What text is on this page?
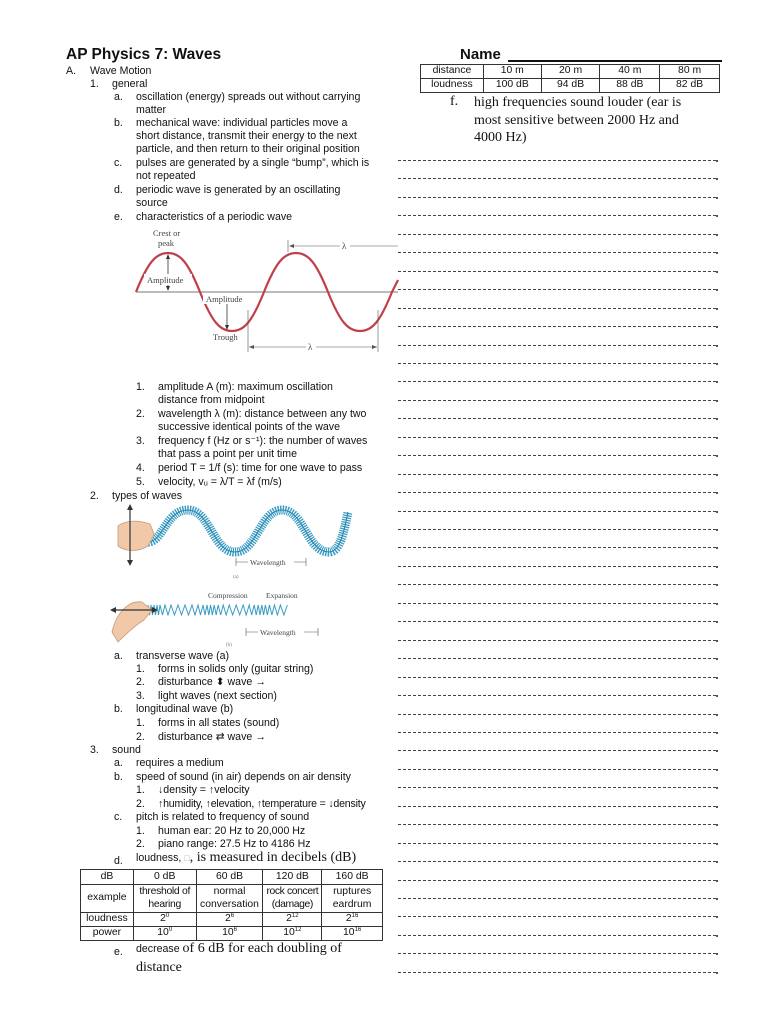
AP Physics 7: Waves	Name
A. Wave Motion
1. general
a. oscillation (energy) spreads out without carrying
matter
b. mechanical wave: individual particles move a
short distance, transmit their energy to the next
particle, and then return to their original position
c. pulses are generated by a single “bump”, which is
not repeated
d. periodic wave is generated by an oscillating
source
e. characteristics of a periodic wave
Crest or
peak
Amplitude
Amplitude
Trough
λ
λ
1. amplitude A (m): maximum oscillation
distance from midpoint
2. wavelength λ (m): distance between any two
successive identical points of the wave
3. frequency f (Hz or s⁻¹): the number of waves
that pass a point per unit time
4. period T = 1/f (s): time for one wave to pass
5. velocity, vᵤ = λ/T = λf (m/s)
2. types of waves
Wavelength
(a)
Compression Expansion
Wavelength
(b)
a. transverse wave (a)
1. forms in solids only (guitar string)
2. disturbance ⬍ wave →
3. light waves (next section)
b. longitudinal wave (b)
1. forms in all states (sound)
2. disturbance ⇄ wave →
3. sound
a. requires a medium
b. speed of sound (in air) depends on air density
1. ↓density = ↑velocity
2. ↑humidity, ↑elevation, ↑temperature = ↓density
c. pitch is related to frequency of sound
1. human ear: 20 Hz to 20,000 Hz
2. piano range: 27.5 Hz to 4186 Hz
d. loudness, □, is measured in decibels (dB)
dB	0 dB	60 dB	120 dB	160 dB
example	
threshold of
hearing

normal
conversation

rock concert
(damage)

ruptures
eardrum

loudness	$2^0$	$2^6$	$2^{12}$	$2^{16}$
power	$10^0$	$10^6$	$10^{12}$	$10^{16}$
e. decrease of 6 dB for each doubling of
distance
distance	10 m	20 m	40 m	80 m
loudness	100 dB	94 dB	88 dB	82 dB
f. high frequencies sound louder (ear is
most sensitive between 2000 Hz and
4000 Hz)
